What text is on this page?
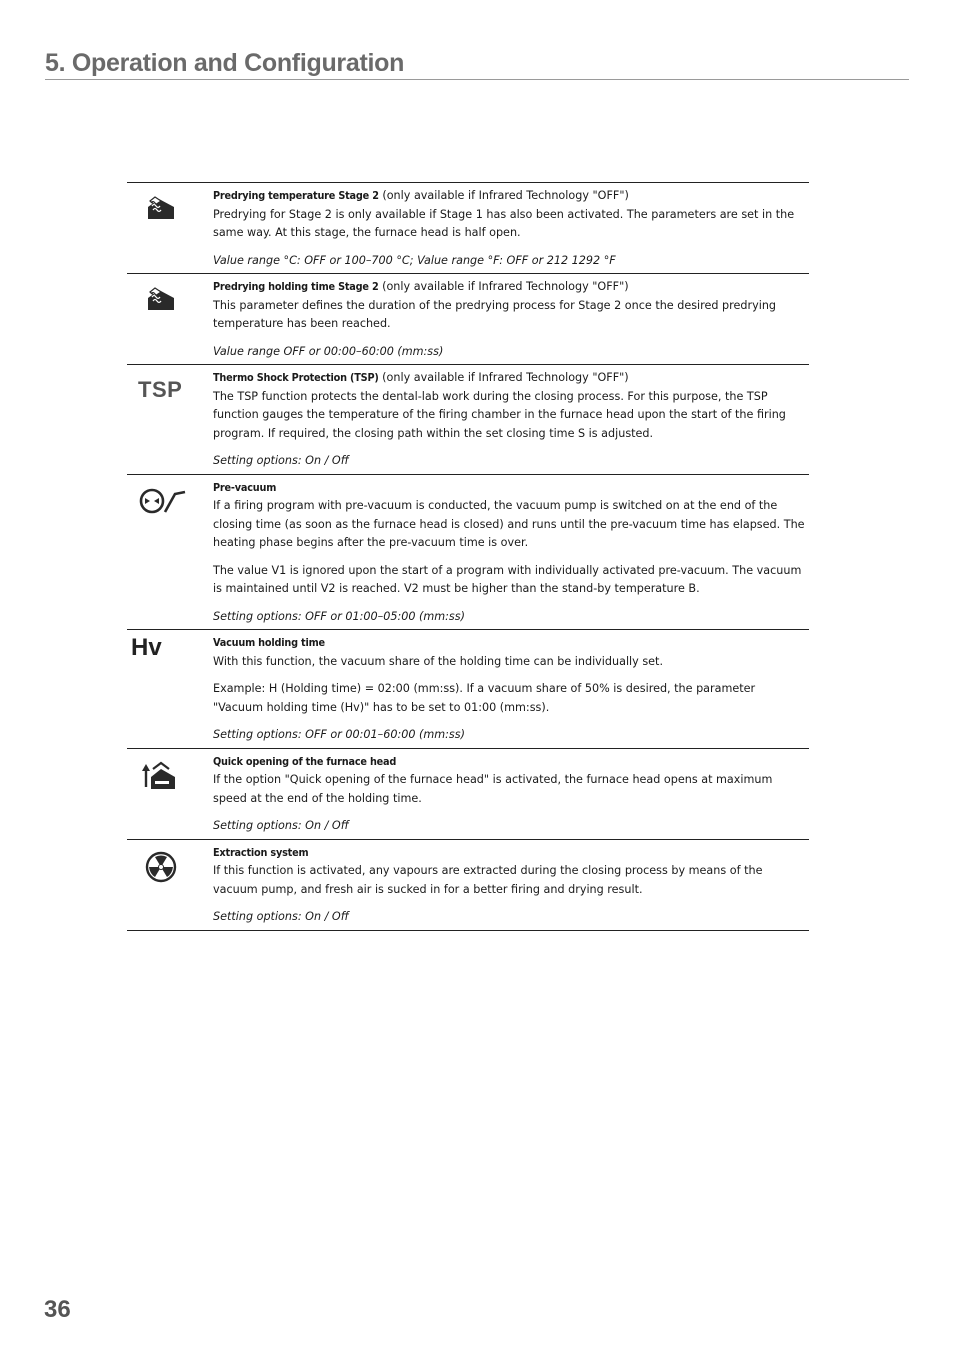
5. Operation and Configuration

Predrying temperature Stage 2 (only available if Infrared Technology "OFF")
Predrying for Stage 2 is only available if Stage 1 has also been activated. The parameters are set in the same way. At this stage, the furnace head is half open.

Value range °C: OFF or 100–700 °C; Value range °F: OFF or 212 1292 °F

Predrying holding time Stage 2 (only available if Infrared Technology "OFF")
This parameter defines the duration of the predrying process for Stage 2 once the desired predrying temperature has been reached.

Value range OFF or 00:00–60:00 (mm:ss)
TSP	Thermo Shock Protection (TSP) (only available if Infrared Technology "OFF")
The TSP function protects the dental-lab work during the closing process. For this purpose, the TSP function gauges the temperature of the firing chamber in the furnace head upon the start of the firing program. If required, the closing path within the set closing time S is adjusted.

Setting options: On / Off

Pre-vacuum
If a firing program with pre-vacuum is conducted, the vacuum pump is switched on at the end of the closing time (as soon as the furnace head is closed) and runs until the pre-vacuum time has elapsed. The heating phase begins after the pre-vacuum time is over.

The value V1 is ignored upon the start of a program with individually activated pre-vacuum. The vacuum is maintained until V2 is reached. V2 must be higher than the stand-by temperature B.

Setting options: OFF or 01:00–05:00 (mm:ss)
Hv	Vacuum holding time
With this function, the vacuum share of the holding time can be individually set.

Example: H (Holding time) = 02:00 (mm:ss). If a vacuum share of 50% is desired, the parameter "Vacuum holding time (Hv)" has to be set to 01:00 (mm:ss).

Setting options: OFF or 00:01–60:00 (mm:ss)

Quick opening of the furnace head
If the option "Quick opening of the furnace head" is activated, the furnace head opens at maximum speed at the end of the holding time.

Setting options: On / Off

Extraction system
If this function is activated, any vapours are extracted during the closing process by means of the vacuum pump, and fresh air is sucked in for a better firing and drying result.

Setting options: On / Off
36
